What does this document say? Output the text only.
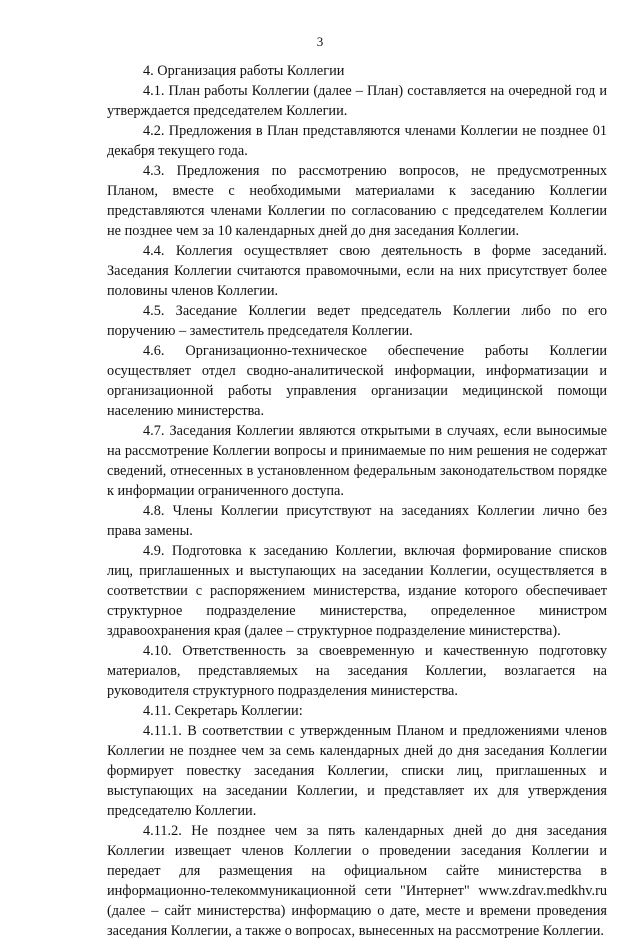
3

4. Организация работы Коллегии

4.1. План работы Коллегии (далее – План) составляется на очередной год и утверждается председателем Коллегии.

4.2. Предложения в План представляются членами Коллегии не позднее 01 декабря текущего года.

4.3. Предложения по рассмотрению вопросов, не предусмотренных Планом, вместе с необходимыми материалами к заседанию Коллегии представляются членами Коллегии по согласованию с председателем Коллегии не позднее чем за 10 календарных дней до дня заседания Коллегии.

4.4. Коллегия осуществляет свою деятельность в форме заседаний. Заседания Коллегии считаются правомочными, если на них присутствует более половины членов Коллегии.

4.5. Заседание Коллегии ведет председатель Коллегии либо по его поручению – заместитель председателя Коллегии.

4.6. Организационно-техническое обеспечение работы Коллегии осуществляет отдел сводно-аналитической информации, информатизации и организационной работы управления организации медицинской помощи населению министерства.

4.7. Заседания Коллегии являются открытыми в случаях, если выносимые на рассмотрение Коллегии вопросы и принимаемые по ним решения не содержат сведений, отнесенных в установленном федеральным законодательством порядке к информации ограниченного доступа.

4.8. Члены Коллегии присутствуют на заседаниях Коллегии лично без права замены.

4.9. Подготовка к заседанию Коллегии, включая формирование списков лиц, приглашенных и выступающих на заседании Коллегии, осуществляется в соответствии с распоряжением министерства, издание которого обеспечивает структурное подразделение министерства, определенное министром здравоохранения края (далее – структурное подразделение министерства).

4.10. Ответственность за своевременную и качественную подготовку материалов, представляемых на заседания Коллегии, возлагается на руководителя структурного подразделения министерства.

4.11. Секретарь Коллегии:

4.11.1. В соответствии с утвержденным Планом и предложениями членов Коллегии не позднее чем за семь календарных дней до дня заседания Коллегии формирует повестку заседания Коллегии, списки лиц, приглашенных и выступающих на заседании Коллегии, и представляет их для утверждения председателю Коллегии.

4.11.2. Не позднее чем за пять календарных дней до дня заседания Коллегии извещает членов Коллегии о проведении заседания Коллегии и передает для размещения на официальном сайте министерства в информационно-телекоммуникационной сети "Интернет" www.zdrav.medkhv.ru (далее – сайт министерства) информацию о дате, месте и времени проведения заседания Коллегии, а также о вопросах, вынесенных на рассмотрение Коллегии.
